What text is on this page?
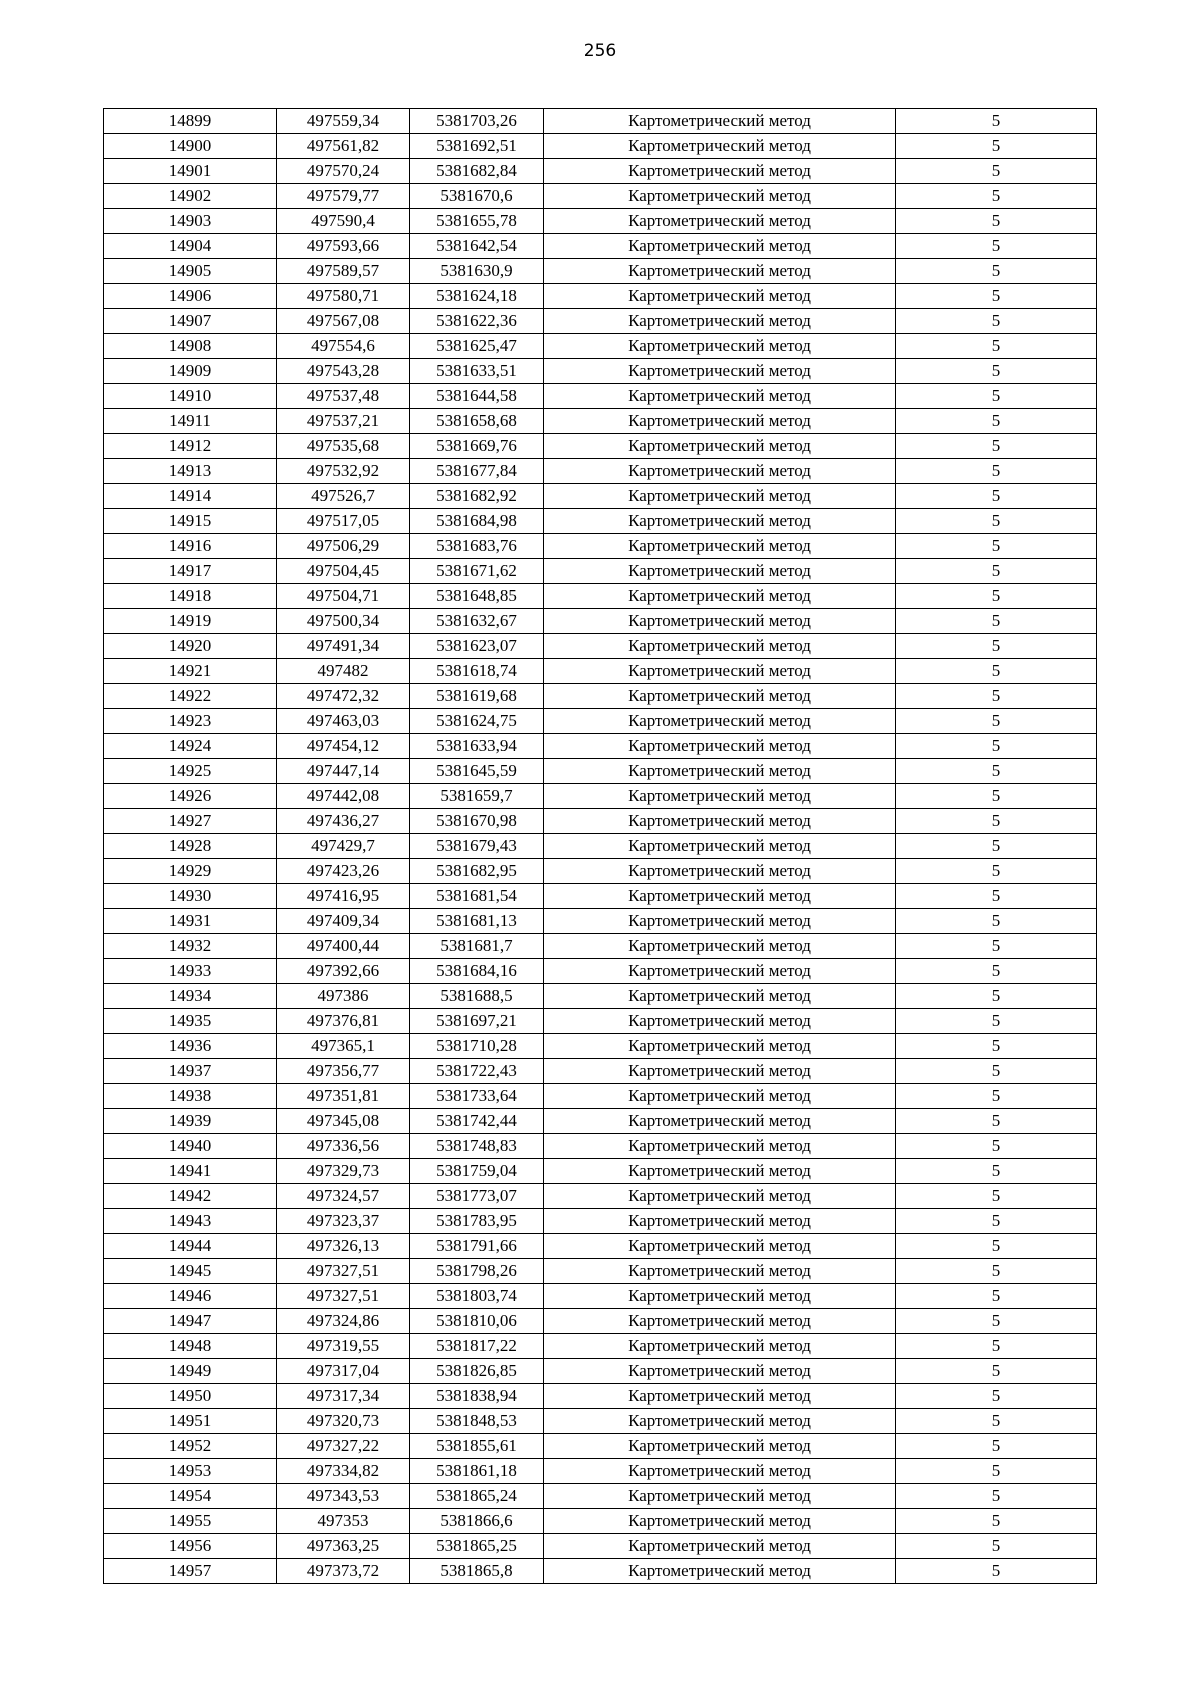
256
14899	497559,34	5381703,26	Картометрический метод	5
14900	497561,82	5381692,51	Картометрический метод	5
14901	497570,24	5381682,84	Картометрический метод	5
14902	497579,77	5381670,6	Картометрический метод	5
14903	497590,4	5381655,78	Картометрический метод	5
14904	497593,66	5381642,54	Картометрический метод	5
14905	497589,57	5381630,9	Картометрический метод	5
14906	497580,71	5381624,18	Картометрический метод	5
14907	497567,08	5381622,36	Картометрический метод	5
14908	497554,6	5381625,47	Картометрический метод	5
14909	497543,28	5381633,51	Картометрический метод	5
14910	497537,48	5381644,58	Картометрический метод	5
14911	497537,21	5381658,68	Картометрический метод	5
14912	497535,68	5381669,76	Картометрический метод	5
14913	497532,92	5381677,84	Картометрический метод	5
14914	497526,7	5381682,92	Картометрический метод	5
14915	497517,05	5381684,98	Картометрический метод	5
14916	497506,29	5381683,76	Картометрический метод	5
14917	497504,45	5381671,62	Картометрический метод	5
14918	497504,71	5381648,85	Картометрический метод	5
14919	497500,34	5381632,67	Картометрический метод	5
14920	497491,34	5381623,07	Картометрический метод	5
14921	497482	5381618,74	Картометрический метод	5
14922	497472,32	5381619,68	Картометрический метод	5
14923	497463,03	5381624,75	Картометрический метод	5
14924	497454,12	5381633,94	Картометрический метод	5
14925	497447,14	5381645,59	Картометрический метод	5
14926	497442,08	5381659,7	Картометрический метод	5
14927	497436,27	5381670,98	Картометрический метод	5
14928	497429,7	5381679,43	Картометрический метод	5
14929	497423,26	5381682,95	Картометрический метод	5
14930	497416,95	5381681,54	Картометрический метод	5
14931	497409,34	5381681,13	Картометрический метод	5
14932	497400,44	5381681,7	Картометрический метод	5
14933	497392,66	5381684,16	Картометрический метод	5
14934	497386	5381688,5	Картометрический метод	5
14935	497376,81	5381697,21	Картометрический метод	5
14936	497365,1	5381710,28	Картометрический метод	5
14937	497356,77	5381722,43	Картометрический метод	5
14938	497351,81	5381733,64	Картометрический метод	5
14939	497345,08	5381742,44	Картометрический метод	5
14940	497336,56	5381748,83	Картометрический метод	5
14941	497329,73	5381759,04	Картометрический метод	5
14942	497324,57	5381773,07	Картометрический метод	5
14943	497323,37	5381783,95	Картометрический метод	5
14944	497326,13	5381791,66	Картометрический метод	5
14945	497327,51	5381798,26	Картометрический метод	5
14946	497327,51	5381803,74	Картометрический метод	5
14947	497324,86	5381810,06	Картометрический метод	5
14948	497319,55	5381817,22	Картометрический метод	5
14949	497317,04	5381826,85	Картометрический метод	5
14950	497317,34	5381838,94	Картометрический метод	5
14951	497320,73	5381848,53	Картометрический метод	5
14952	497327,22	5381855,61	Картометрический метод	5
14953	497334,82	5381861,18	Картометрический метод	5
14954	497343,53	5381865,24	Картометрический метод	5
14955	497353	5381866,6	Картометрический метод	5
14956	497363,25	5381865,25	Картометрический метод	5
14957	497373,72	5381865,8	Картометрический метод	5
